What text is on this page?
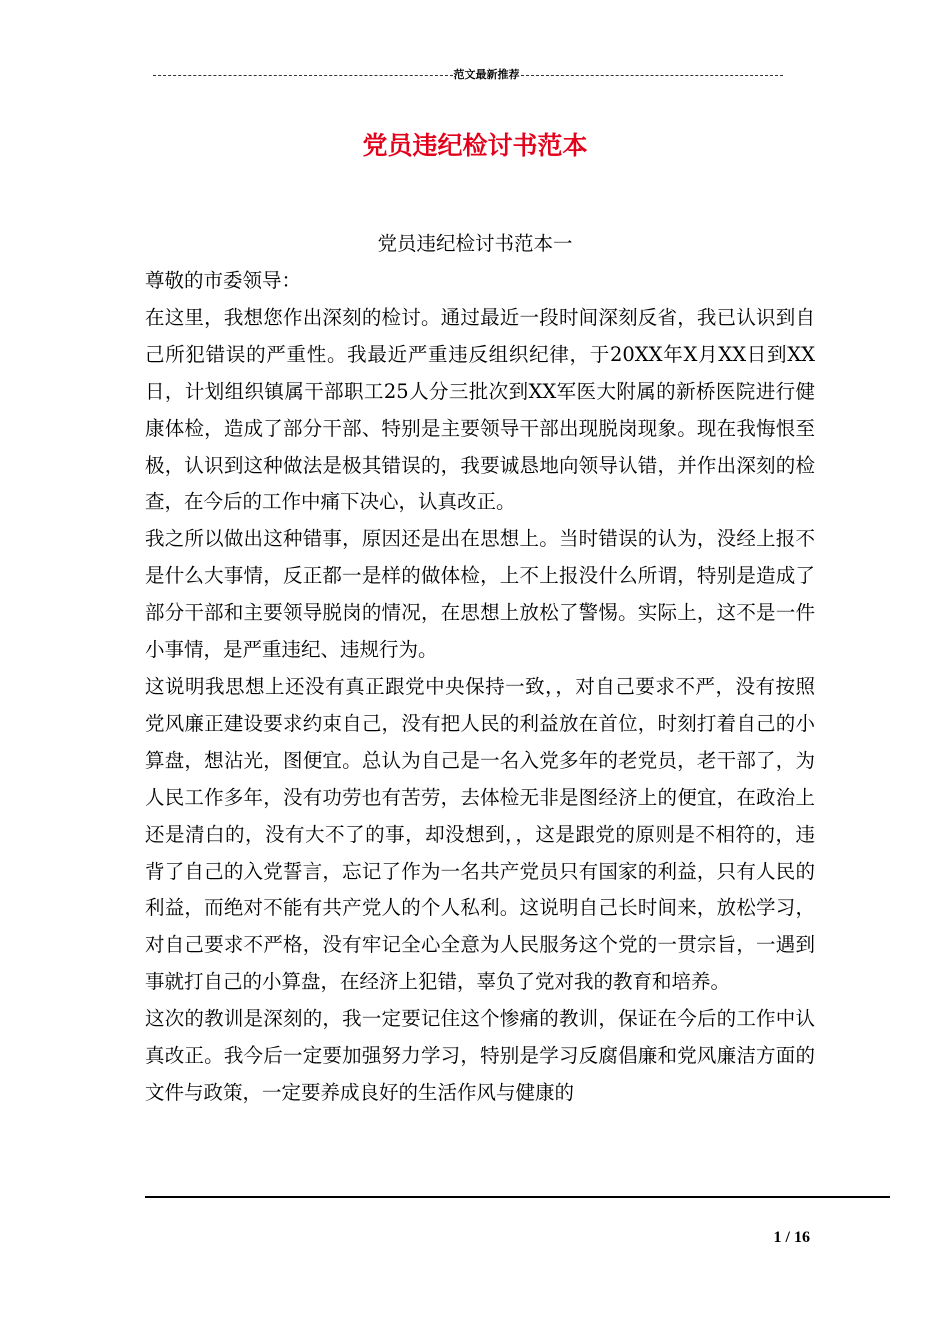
范文最新推荐
党员违纪检讨书范本
党员违纪检讨书范本一

尊敬的市委领导：

在这里，我想您作出深刻的检讨。通过最近一段时间深刻反省，我已认识到自己所犯错误的严重性。我最近严重违反组织纪律，于20XX年X月XX日到XX日，计划组织镇属干部职工25人分三批次到XX军医大附属的新桥医院进行健康体检，造成了部分干部、特别是主要领导干部出现脱岗现象。现在我悔恨至极，认识到这种做法是极其错误的，我要诚恳地向领导认错，并作出深刻的检查，在今后的工作中痛下决心，认真改正。

我之所以做出这种错事，原因还是出在思想上。当时错误的认为，没经上报不是什么大事情，反正都一是样的做体检，上不上报没什么所谓，特别是造成了部分干部和主要领导脱岗的情况，在思想上放松了警惕。实际上，这不是一件小事情，是严重违纪、违规行为。

这说明我思想上还没有真正跟党中央保持一致，，对自己要求不严，没有按照党风廉正建设要求约束自己，没有把人民的利益放在首位，时刻打着自己的小算盘，想沾光，图便宜。总认为自己是一名入党多年的老党员，老干部了，为人民工作多年，没有功劳也有苦劳，去体检无非是图经济上的便宜，在政治上还是清白的，没有大不了的事，却没想到，，这是跟党的原则是不相符的，违背了自己的入党誓言，忘记了作为一名共产党员只有国家的利益，只有人民的利益，而绝对不能有共产党人的个人私利。这说明自己长时间来，放松学习，对自己要求不严格，没有牢记全心全意为人民服务这个党的一贯宗旨，一遇到事就打自己的小算盘，在经济上犯错，辜负了党对我的教育和培养。

这次的教训是深刻的，我一定要记住这个惨痛的教训，保证在今后的工作中认真改正。我今后一定要加强努力学习，特别是学习反腐倡廉和党风廉洁方面的文件与政策，一定要养成良好的生活作风与健康的

1 / 16
